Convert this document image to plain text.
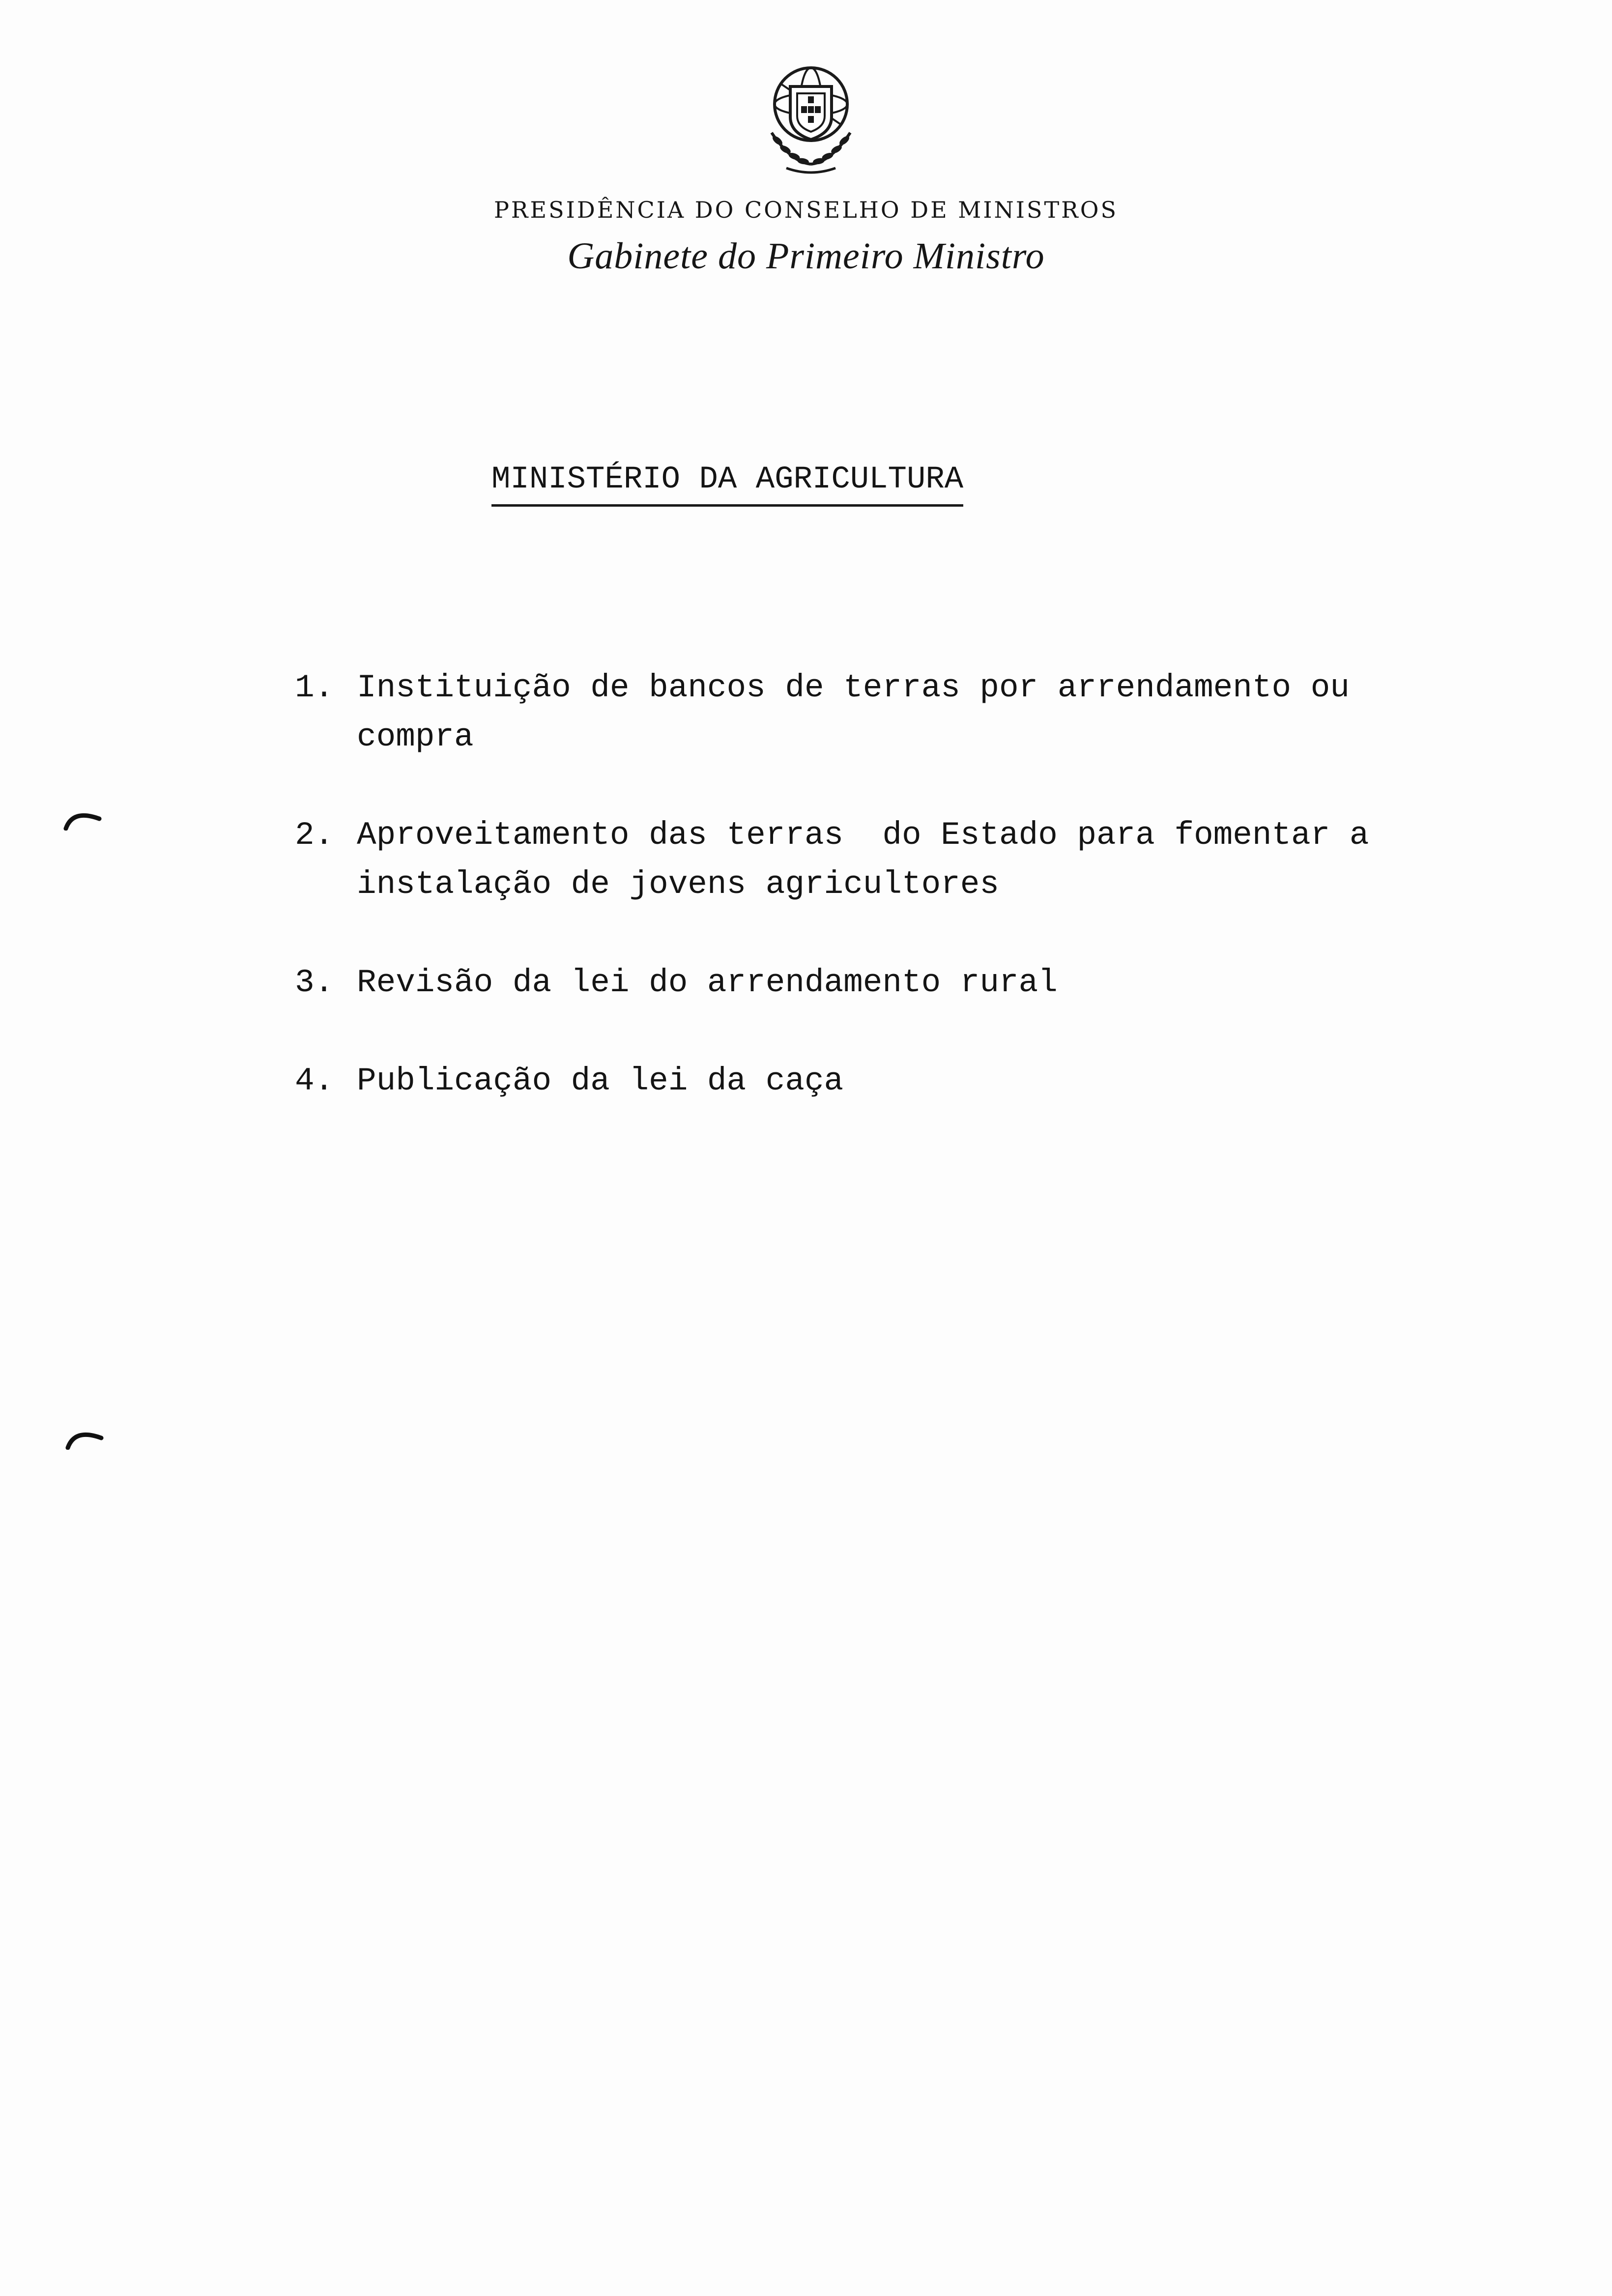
PRESIDÊNCIA DO CONSELHO DE MINISTROS
Gabinete do Primeiro Ministro
MINISTÉRIO DA AGRICULTURA
1. Instituição de bancos de terras por arrendamento ou compra
2. Aproveitamento das terras  do Estado para fomentar a instalação de jovens agricultores
3. Revisão da lei do arrendamento rural
4. Publicação da lei da caça
